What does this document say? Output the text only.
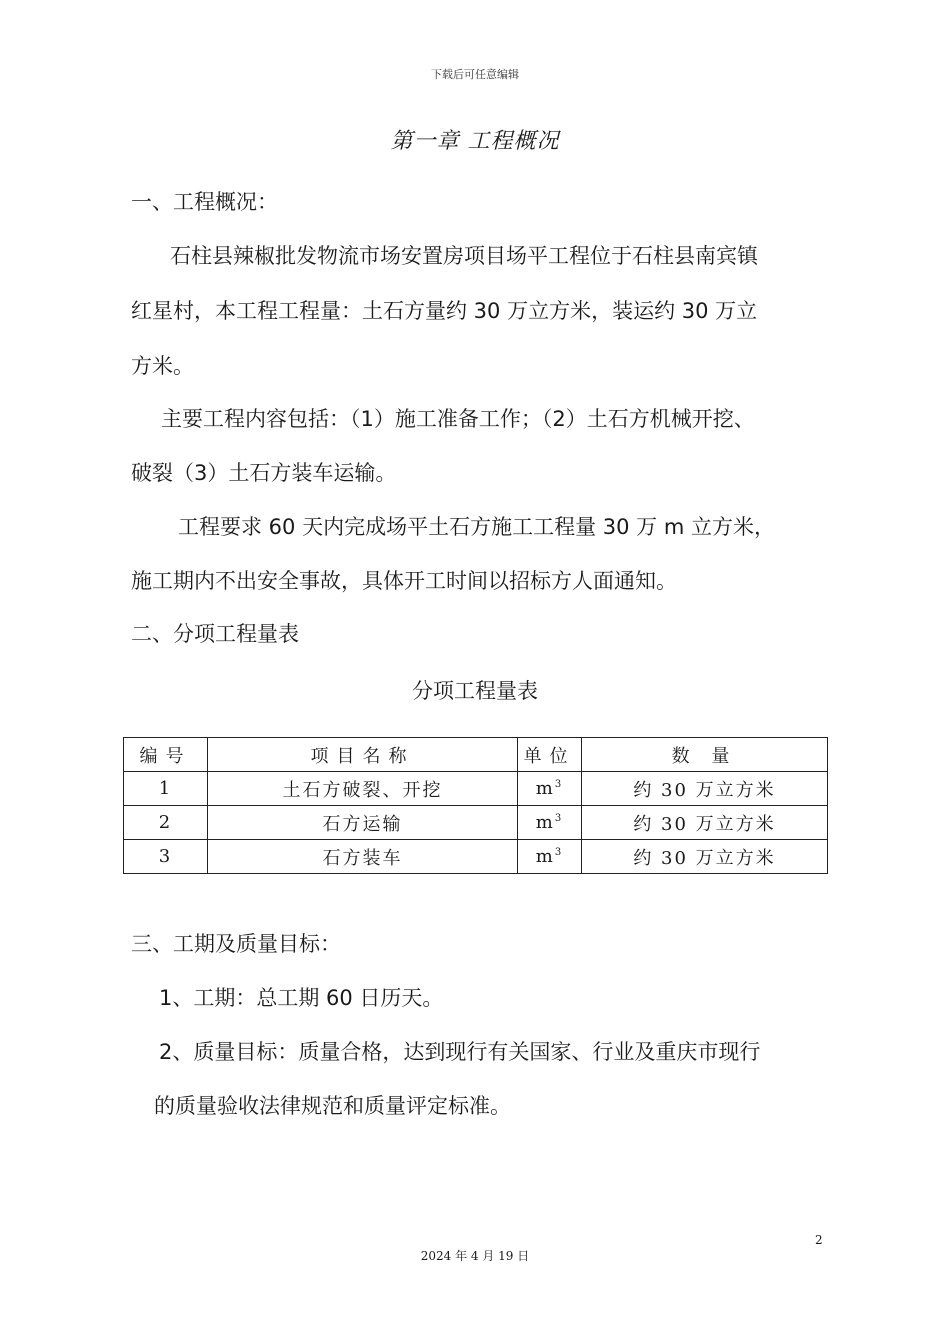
下载后可任意编辑
第一章 工程概况
一、工程概况：
石柱县辣椒批发物流市场安置房项目场平工程位于石柱县南宾镇
红星村，本工程工程量：土石方量约 30 万立方米，装运约 30 万立
方米。
主要工程内容包括：（1）施工准备工作；（2）土石方机械开挖、
破裂（3）土石方装车运输。
工程要求 60 天内完成场平土石方施工工程量 30 万 m 立方米，
施工期内不出安全事故，具体开工时间以招标方人面通知。
二、分项工程量表
分项工程量表
编号	项目名称	单位	数 量
1	土石方破裂、开挖	$m^3$	约 30 万立方米
2	石方运输	$m^3$	约 30 万立方米
3	石方装车	$m^3$	约 30 万立方米
三、工期及质量目标：
1、工期：总工期 60 日历天。
2、质量目标：质量合格，达到现行有关国家、行业及重庆市现行
的质量验收法律规范和质量评定标准。
2
2024 年 4 月 19 日
